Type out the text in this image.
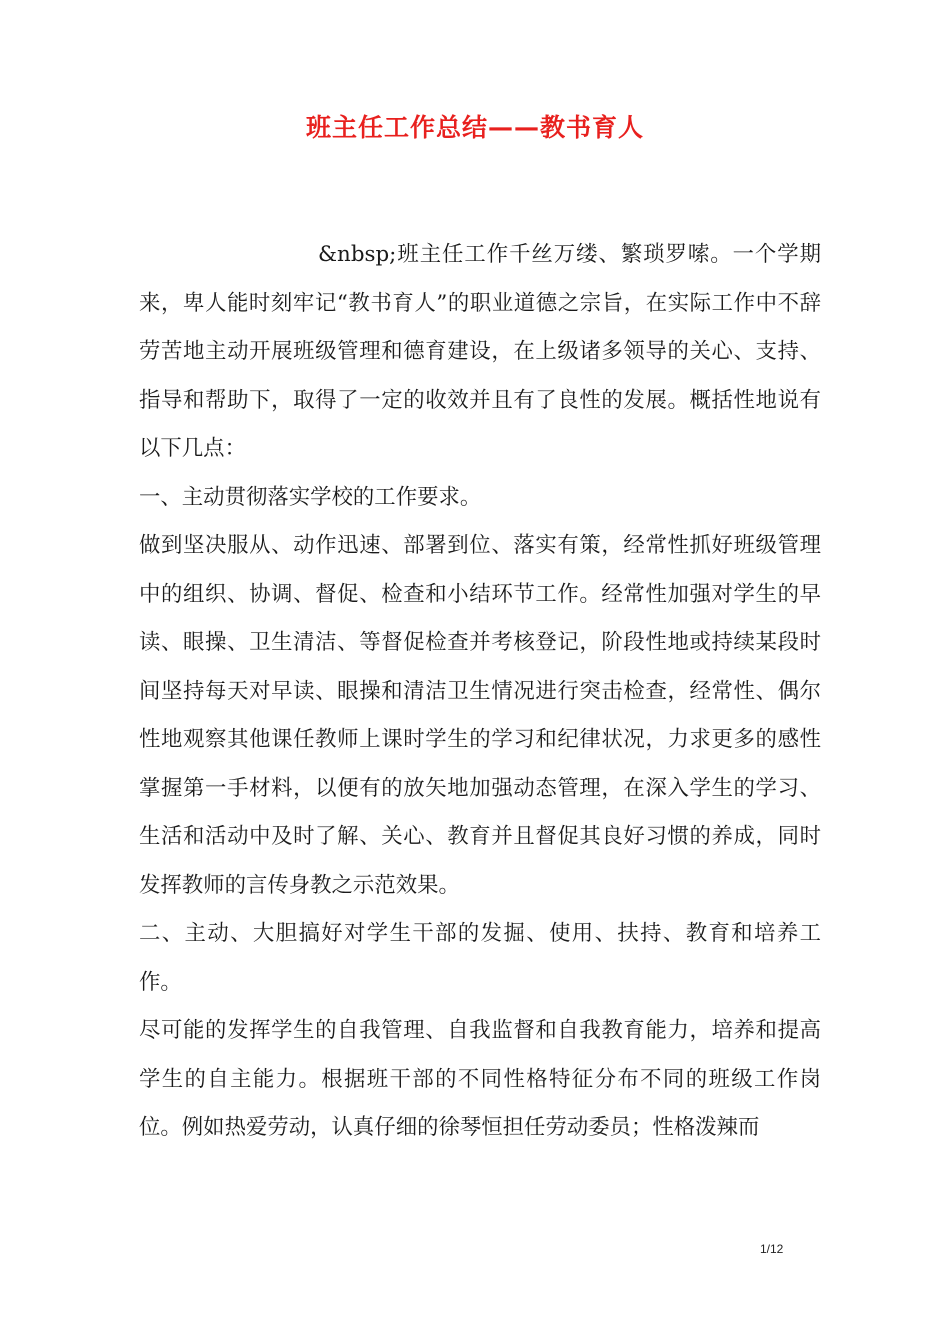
班主任工作总结——教书育人

&nbsp;班主任工作千丝万缕、繁琐罗嗦。一个学期来，卑人能时刻牢记“教书育人”的职业道德之宗旨，在实际工作中不辞劳苦地主动开展班级管理和德育建设，在上级诸多领导的关心、支持、指导和帮助下，取得了一定的收效并且有了良性的发展。概括性地说有以下几点：

一、主动贯彻落实学校的工作要求。

做到坚决服从、动作迅速、部署到位、落实有策，经常性抓好班级管理中的组织、协调、督促、检查和小结环节工作。经常性加强对学生的早读、眼操、卫生清洁、等督促检查并考核登记，阶段性地或持续某段时间坚持每天对早读、眼操和清洁卫生情况进行突击检查，经常性、偶尔性地观察其他课任教师上课时学生的学习和纪律状况，力求更多的感性掌握第一手材料，以便有的放矢地加强动态管理，在深入学生的学习、生活和活动中及时了解、关心、教育并且督促其良好习惯的养成，同时发挥教师的言传身教之示范效果。

二、主动、大胆搞好对学生干部的发掘、使用、扶持、教育和培养工作。

尽可能的发挥学生的自我管理、自我监督和自我教育能力，培养和提高学生的自主能力。根据班干部的不同性格特征分布不同的班级工作岗位。例如热爱劳动，认真仔细的徐琴恒担任劳动委员；性格泼辣而

1/12
